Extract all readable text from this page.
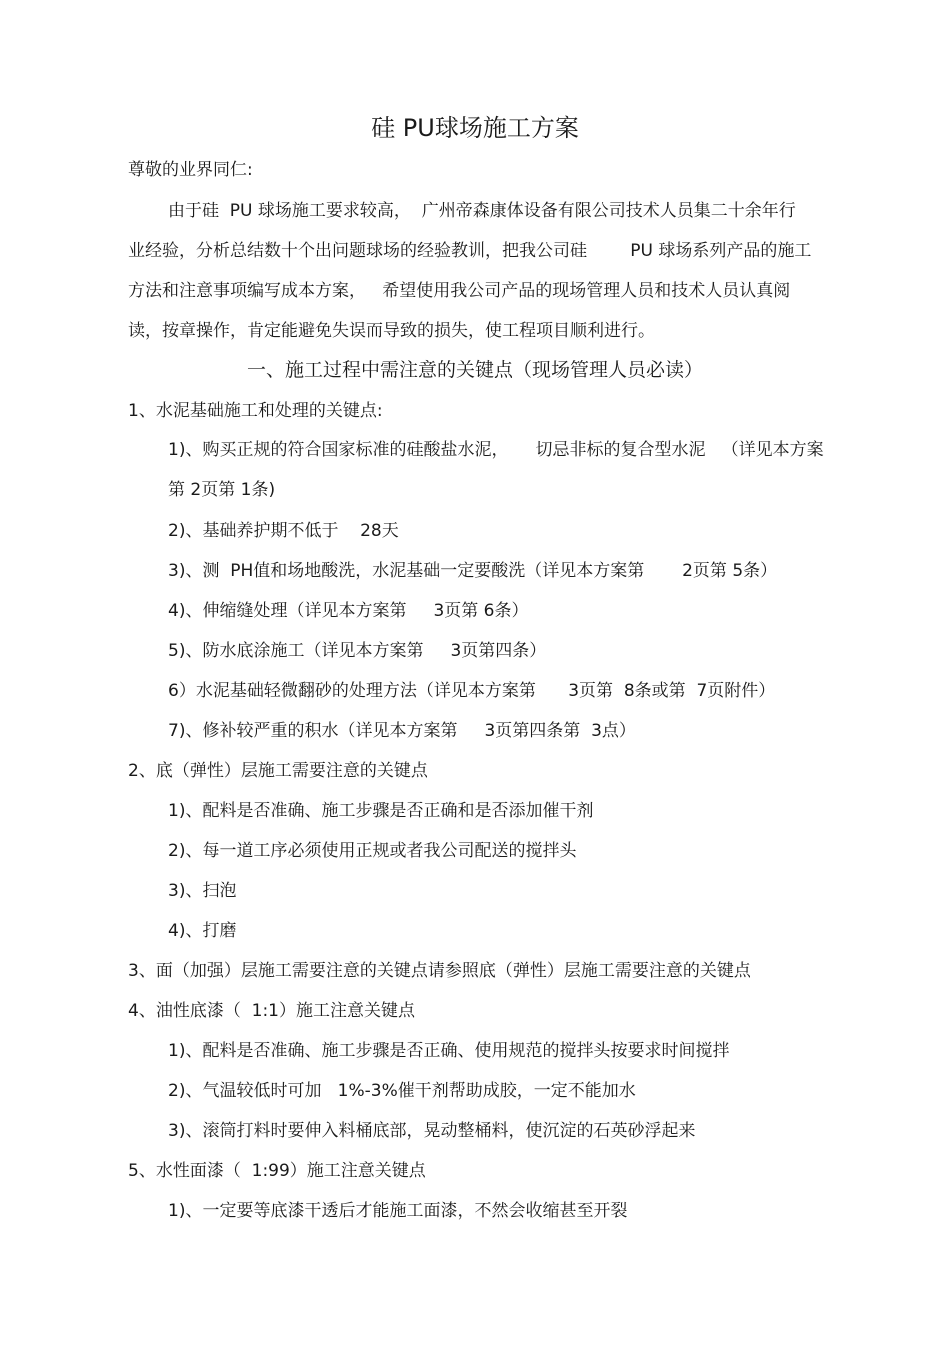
硅 PU球场施工方案
尊敬的业界同仁:
由于硅  PU 球场施工要求较高，  广州帝森康体设备有限公司技术人员集二十余年行
业经验，分析总结数十个出问题球场的经验教训，把我公司硅        PU 球场系列产品的施工
方法和注意事项编写成本方案，   希望使用我公司产品的现场管理人员和技术人员认真阅
读，按章操作，肯定能避免失误而导致的损失，使工程项目顺利进行。
一、施工过程中需注意的关键点（现场管理人员必读）
1、水泥基础施工和处理的关键点:
1)、购买正规的符合国家标准的硅酸盐水泥，     切忌非标的复合型水泥   （详见本方案
第 2页第 1条)
2)、基础养护期不低于    28天
3)、测  PH值和场地酸洗，水泥基础一定要酸洗（详见本方案第       2页第 5条）
4)、伸缩缝处理（详见本方案第     3页第 6条）
5)、防水底涂施工（详见本方案第     3页第四条）
6）水泥基础轻微翻砂的处理方法（详见本方案第      3页第  8条或第  7页附件）
7)、修补较严重的积水（详见本方案第     3页第四条第  3点）
2、底（弹性）层施工需要注意的关键点
1)、配料是否准确、施工步骤是否正确和是否添加催干剂
2)、每一道工序必须使用正规或者我公司配送的搅拌头
3)、扫泡
4)、打磨
3、面（加强）层施工需要注意的关键点请参照底（弹性）层施工需要注意的关键点
4、油性底漆（  1:1）施工注意关键点
1)、配料是否准确、施工步骤是否正确、使用规范的搅拌头按要求时间搅拌
2)、气温较低时可加   1%-3%催干剂帮助成胶，一定不能加水
3)、滚筒打料时要伸入料桶底部，晃动整桶料，使沉淀的石英砂浮起来
5、水性面漆（  1:99）施工注意关键点
1)、一定要等底漆干透后才能施工面漆，不然会收缩甚至开裂
